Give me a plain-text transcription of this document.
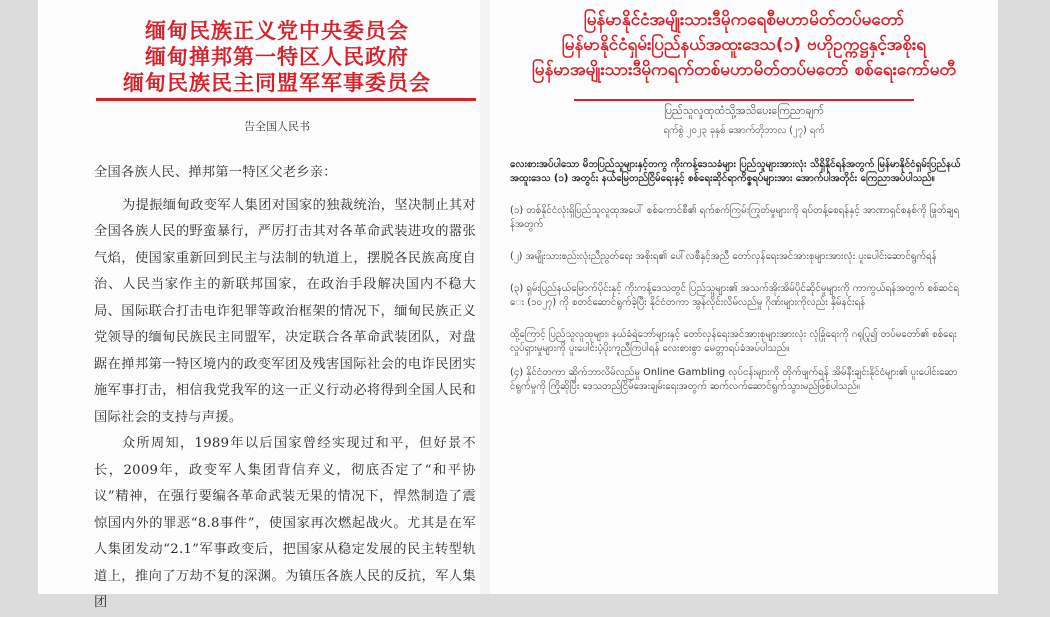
缅甸民族正义党中央委员会
缅甸掸邦第一特区人民政府
缅甸民族民主同盟军军事委员会
告全国人民书

全国各族人民、掸邦第一特区父老乡亲：

为提振缅甸政变军人集团对国家的独裁统治，坚决制止其对全国各族人民的野蛮暴行，严厉打击其对各革命武装进攻的嚣张气焰，使国家重新回到民主与法制的轨道上，摆脱各民族高度自治、人民当家作主的新联邦国家，在政治手段解决国内不稳大局、国际联合打击电诈犯罪等政治框架的情况下，缅甸民族正义党领导的缅甸民族民主同盟军，决定联合各革命武装团队，对盘踞在掸邦第一特区境内的政变军团及残害国际社会的电诈民团实施军事打击，相信我党我军的这一正义行动必将得到全国人民和国际社会的支持与声援。

众所周知，1989年以后国家曾经实现过和平，但好景不长，2009年，政变军人集团背信弃义，彻底否定了“和平协议”精神，在强行要编各革命武装无果的情况下，悍然制造了震惊国内外的罪恶“8.8事件”，使国家再次燃起战火。尤其是在军人集团发动“2.1”军事政变后，把国家从稳定发展的民主转型轨道上，推向了万劫不复的深渊。为镇压各族人民的反抗，军人集团

မြန်မာနိုင်ငံအမျိုးသားဒီမိုကရေစီမဟာမိတ်တပ်မတော်
မြန်မာနိုင်ငံရှမ်းပြည်နယ်အထူးဒေသ(၁) ဗဟိုဥက္ကဋ္ဌနှင့်အစိုးရ
မြန်မာအမျိုးသားဒီမိုကရက်တစ်မဟာမိတ်တပ်မတော် စစ်ရေးကော်မတီ
ပြည်သူလူထုထံသို့အသိပေးကြေညာချက်
ရက်စွဲ ၂၀၂၃ ခုနှစ် အောက်တိုဘာလ (၂၇) ရက်

လေးစားအပ်ပါသော မိဘပြည်သူများနှင့်တကွ ကိုးကန့်ဒေသခံများ ပြည်သူများအားလုံး သိရှိနိုင်ရန်အတွက် မြန်မာနိုင်ငံရှမ်းပြည်နယ်အထူးဒေသ (၁) အတွင်း နယ်မြေတည်ငြိမ်ရေးနှင့် စစ်ရေးဆိုင်ရာကိစ္စရပ်များအား အောက်ပါအတိုင်း ကြေညာအပ်ပါသည်။

(၁) တစ်နိုင်ငံလုံးရှိပြည်သူလူထုအပေါ် စစ်ကောင်စီ၏ ရက်စက်ကြမ်းကြုတ်မှုများကို ရပ်တန့်စေရန်နှင့် အာဏာရှင်စနစ်ကို ဖြုတ်ချရန်အတွက်

(၂) အမျိုးသားစည်းလုံးညီညွတ်ရေး အစိုးရ၏ ပေါ်လစီနှင့်အညီ တော်လှန်ရေးအင်အားစုများအားလုံး ပူးပေါင်းဆောင်ရွက်ရန်

(၃) ရှမ်းပြည်နယ်မြောက်ပိုင်းနှင့် ကိုးကန့်ဒေသတွင် ပြည်သူများ၏ အသက်အိုးအိမ်ပိုင်ဆိုင်မှုများကို ကာကွယ်ရန်အတွက် စစ်ဆင်ရေး (၁၀၂၇) ကို စတင်ဆောင်ရွက်ခဲ့ပြီး နိုင်ငံတကာ အွန်လိုင်းလိမ်လည်မှု ဂိုဏ်းများကိုလည်း နှိမ်နင်းရန်

ထို့ကြောင့် ပြည်သူလူထုများ၊ နယ်ခံရဲဘော်များနှင့် တော်လှန်ရေးအင်အားစုများအားလုံး လုံခြုံရေးကို ဂရုပြု၍ တပ်မတော်၏ စစ်ရေးလှုပ်ရှားမှုများကို ပူးပေါင်းပံ့ပိုးကူညီကြပါရန် လေးစားစွာ မေတ္တာရပ်ခံအပ်ပါသည်။

(၄) နိုင်ငံတကာ ဆိုက်ဘာလိမ်လည်မှု Online Gambling လုပ်ငန်းများကို တိုက်ဖျက်ရန် အိမ်နီးချင်းနိုင်ငံများ၏ ပူးပေါင်းဆောင်ရွက်မှုကို ကြိုဆိုပြီး ဒေသတည်ငြိမ်အေးချမ်းရေးအတွက် ဆက်လက်ဆောင်ရွက်သွားမည်ဖြစ်ပါသည်။
